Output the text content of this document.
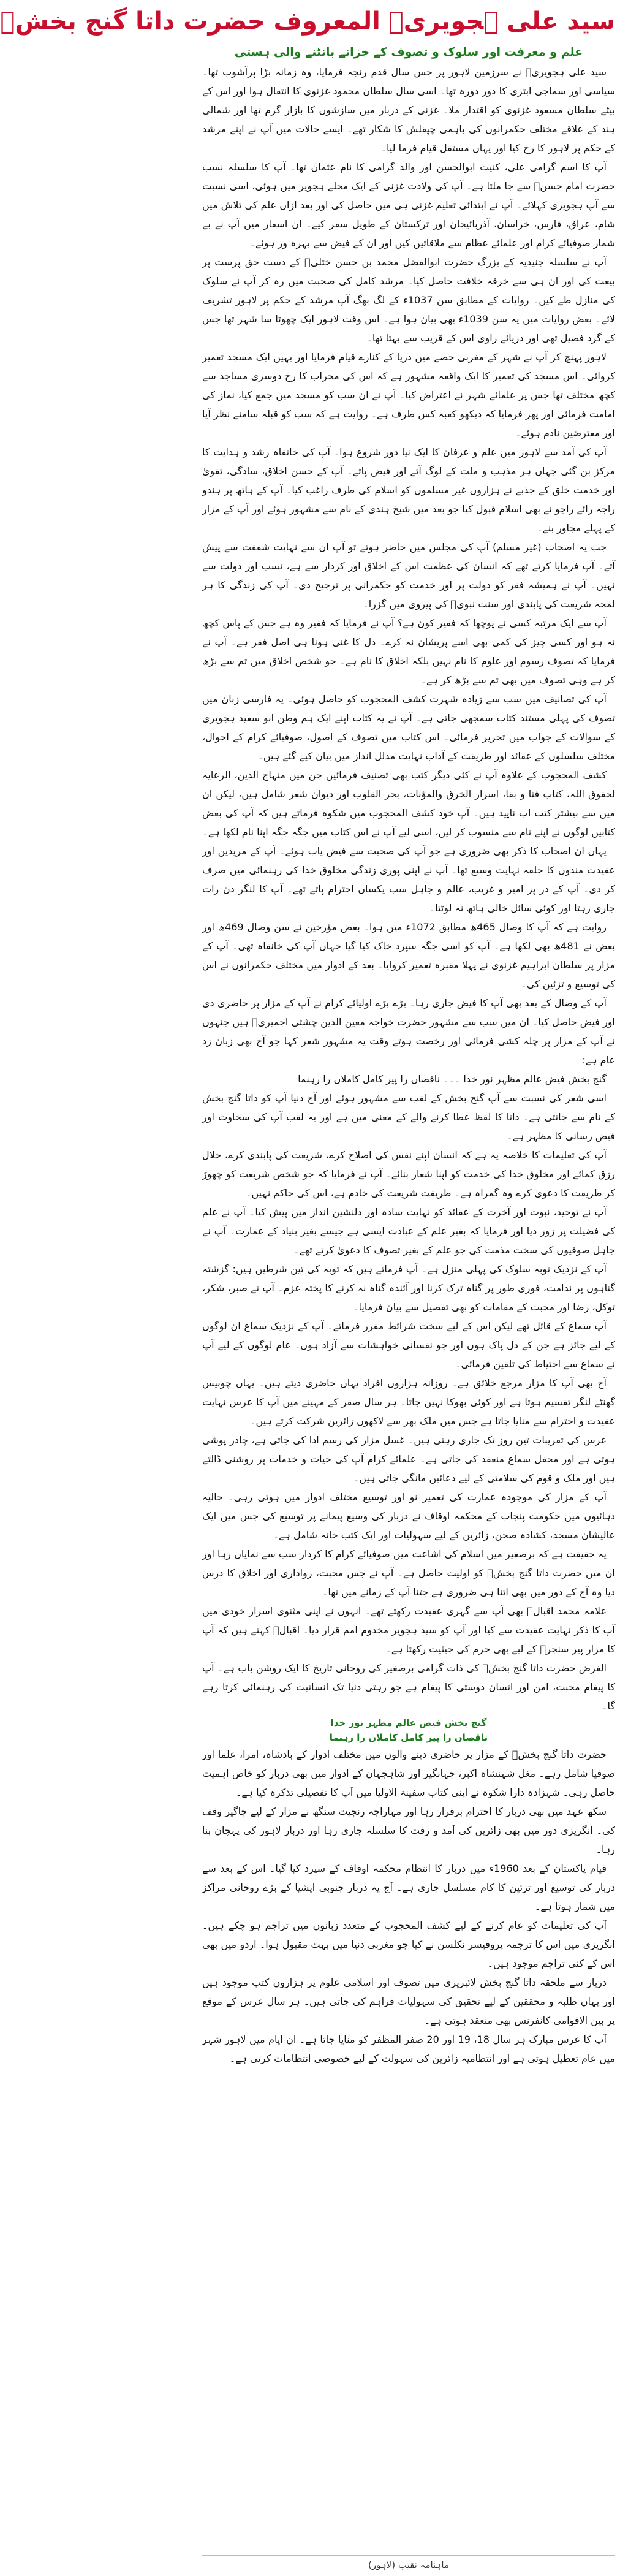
سید علی ہجویریؒ المعروف حضرت داتا گنج بخشؒ
علم و معرفت اور سلوک و تصوف کے خزانے بانٹنے والی ہستی

سید علی ہجویریؒ نے سرزمین لاہور پر جس سال قدم رنجہ فرمایا، وہ زمانہ بڑا پرآشوب تھا۔ سیاسی اور سماجی ابتری کا دور دورہ تھا۔ اسی سال سلطان محمود غزنوی کا انتقال ہوا اور اس کے بیٹے سلطان مسعود غزنوی کو اقتدار ملا۔ غزنی کے دربار میں سازشوں کا بازار گرم تھا اور شمالی ہند کے علاقے مختلف حکمرانوں کی باہمی چپقلش کا شکار تھے۔ ایسے حالات میں آپ نے اپنے مرشد کے حکم پر لاہور کا رخ کیا اور یہاں مستقل قیام فرما لیا۔

آپ کا اسم گرامی علی، کنیت ابوالحسن اور والد گرامی کا نام عثمان تھا۔ آپ کا سلسلہ نسب حضرت امام حسنؓ سے جا ملتا ہے۔ آپ کی ولادت غزنی کے ایک محلے ہجویر میں ہوئی، اسی نسبت سے آپ ہجویری کہلائے۔ آپ نے ابتدائی تعلیم غزنی ہی میں حاصل کی اور بعد ازاں علم کی تلاش میں شام، عراق، فارس، خراسان، آذربائیجان اور ترکستان کے طویل سفر کیے۔ ان اسفار میں آپ نے بے شمار صوفیائے کرام اور علمائے عظام سے ملاقاتیں کیں اور ان کے فیض سے بہرہ ور ہوئے۔

آپ نے سلسلہ جنیدیہ کے بزرگ حضرت ابوالفضل محمد بن حسن ختلیؒ کے دست حق پرست پر بیعت کی اور ان ہی سے خرقہ خلافت حاصل کیا۔ مرشد کامل کی صحبت میں رہ کر آپ نے سلوک کی منازل طے کیں۔ روایات کے مطابق سن 1037ء کے لگ بھگ آپ مرشد کے حکم پر لاہور تشریف لائے۔ بعض روایات میں یہ سن 1039ء بھی بیان ہوا ہے۔ اس وقت لاہور ایک چھوٹا سا شہر تھا جس کے گرد فصیل تھی اور دریائے راوی اس کے قریب سے بہتا تھا۔

لاہور پہنچ کر آپ نے شہر کے مغربی حصے میں دریا کے کنارے قیام فرمایا اور یہیں ایک مسجد تعمیر کروائی۔ اس مسجد کی تعمیر کا ایک واقعہ مشہور ہے کہ اس کی محراب کا رخ دوسری مساجد سے کچھ مختلف تھا جس پر علمائے شہر نے اعتراض کیا۔ آپ نے ان سب کو مسجد میں جمع کیا، نماز کی امامت فرمائی اور پھر فرمایا کہ دیکھو کعبہ کس طرف ہے۔ روایت ہے کہ سب کو قبلہ سامنے نظر آیا اور معترضین نادم ہوئے۔

آپ کی آمد سے لاہور میں علم و عرفان کا ایک نیا دور شروع ہوا۔ آپ کی خانقاہ رشد و ہدایت کا مرکز بن گئی جہاں ہر مذہب و ملت کے لوگ آتے اور فیض پاتے۔ آپ کے حسن اخلاق، سادگی، تقویٰ اور خدمت خلق کے جذبے نے ہزاروں غیر مسلموں کو اسلام کی طرف راغب کیا۔ آپ کے ہاتھ پر ہندو راجہ رائے راجو نے بھی اسلام قبول کیا جو بعد میں شیخ ہندی کے نام سے مشہور ہوئے اور آپ کے مزار کے پہلے مجاور بنے۔

جب یہ اصحاب (غیر مسلم) آپ کی مجلس میں حاضر ہوتے تو آپ ان سے نہایت شفقت سے پیش آتے۔ آپ فرمایا کرتے تھے کہ انسان کی عظمت اس کے اخلاق اور کردار سے ہے، نسب اور دولت سے نہیں۔ آپ نے ہمیشہ فقر کو دولت پر اور خدمت کو حکمرانی پر ترجیح دی۔ آپ کی زندگی کا ہر لمحہ شریعت کی پابندی اور سنت نبویؐ کی پیروی میں گزرا۔

آپ سے ایک مرتبہ کسی نے پوچھا کہ فقیر کون ہے؟ آپ نے فرمایا کہ فقیر وہ ہے جس کے پاس کچھ نہ ہو اور کسی چیز کی کمی بھی اسے پریشان نہ کرے۔ دل کا غنی ہونا ہی اصل فقر ہے۔ آپ نے فرمایا کہ تصوف رسوم اور علوم کا نام نہیں بلکہ اخلاق کا نام ہے۔ جو شخص اخلاق میں تم سے بڑھ کر ہے وہی تصوف میں بھی تم سے بڑھ کر ہے۔

آپ کی تصانیف میں سب سے زیادہ شہرت کشف المحجوب کو حاصل ہوئی۔ یہ فارسی زبان میں تصوف کی پہلی مستند کتاب سمجھی جاتی ہے۔ آپ نے یہ کتاب اپنے ایک ہم وطن ابو سعید ہجویری کے سوالات کے جواب میں تحریر فرمائی۔ اس کتاب میں تصوف کے اصول، صوفیائے کرام کے احوال، مختلف سلسلوں کے عقائد اور طریقت کے آداب نہایت مدلل انداز میں بیان کیے گئے ہیں۔

کشف المحجوب کے علاوہ آپ نے کئی دیگر کتب بھی تصنیف فرمائیں جن میں منہاج الدین، الرعایہ لحقوق اللہ، کتاب فنا و بقا، اسرار الخرق والمؤنات، بحر القلوب اور دیوان شعر شامل ہیں، لیکن ان میں سے بیشتر کتب اب ناپید ہیں۔ آپ خود کشف المحجوب میں شکوہ فرماتے ہیں کہ آپ کی بعض کتابیں لوگوں نے اپنے نام سے منسوب کر لیں، اسی لیے آپ نے اس کتاب میں جگہ جگہ اپنا نام لکھا ہے۔

یہاں ان اصحاب کا ذکر بھی ضروری ہے جو آپ کی صحبت سے فیض یاب ہوئے۔ آپ کے مریدین اور عقیدت مندوں کا حلقہ نہایت وسیع تھا۔ آپ نے اپنی پوری زندگی مخلوق خدا کی رہنمائی میں صرف کر دی۔ آپ کے در پر امیر و غریب، عالم و جاہل سب یکساں احترام پاتے تھے۔ آپ کا لنگر دن رات جاری رہتا اور کوئی سائل خالی ہاتھ نہ لوٹتا۔

روایت ہے کہ آپ کا وصال 465ھ مطابق 1072ء میں ہوا۔ بعض مؤرخین نے سن وصال 469ھ اور بعض نے 481ھ بھی لکھا ہے۔ آپ کو اسی جگہ سپرد خاک کیا گیا جہاں آپ کی خانقاہ تھی۔ آپ کے مزار پر سلطان ابراہیم غزنوی نے پہلا مقبرہ تعمیر کروایا۔ بعد کے ادوار میں مختلف حکمرانوں نے اس کی توسیع و تزئین کی۔

آپ کے وصال کے بعد بھی آپ کا فیض جاری رہا۔ بڑے بڑے اولیائے کرام نے آپ کے مزار پر حاضری دی اور فیض حاصل کیا۔ ان میں سب سے مشہور حضرت خواجہ معین الدین چشتی اجمیریؒ ہیں جنہوں نے آپ کے مزار پر چلہ کشی فرمائی اور رخصت ہوتے وقت یہ مشہور شعر کہا جو آج بھی زبان زد عام ہے:

گنج بخش فیض عالم مظہر نور خدا ۔۔۔ ناقصاں را پیر کامل کاملاں را رہنما

اسی شعر کی نسبت سے آپ گنج بخش کے لقب سے مشہور ہوئے اور آج دنیا آپ کو داتا گنج بخش کے نام سے جانتی ہے۔ داتا کا لفظ عطا کرنے والے کے معنی میں ہے اور یہ لقب آپ کی سخاوت اور فیض رسانی کا مظہر ہے۔

آپ کی تعلیمات کا خلاصہ یہ ہے کہ انسان اپنے نفس کی اصلاح کرے، شریعت کی پابندی کرے، حلال رزق کمائے اور مخلوق خدا کی خدمت کو اپنا شعار بنائے۔ آپ نے فرمایا کہ جو شخص شریعت کو چھوڑ کر طریقت کا دعویٰ کرے وہ گمراہ ہے۔ طریقت شریعت کی خادم ہے، اس کی حاکم نہیں۔

آپ نے توحید، نبوت اور آخرت کے عقائد کو نہایت سادہ اور دلنشین انداز میں پیش کیا۔ آپ نے علم کی فضیلت پر زور دیا اور فرمایا کہ بغیر علم کے عبادت ایسی ہے جیسے بغیر بنیاد کے عمارت۔ آپ نے جاہل صوفیوں کی سخت مذمت کی جو علم کے بغیر تصوف کا دعویٰ کرتے تھے۔

آپ کے نزدیک توبہ سلوک کی پہلی منزل ہے۔ آپ فرماتے ہیں کہ توبہ کی تین شرطیں ہیں: گزشتہ گناہوں پر ندامت، فوری طور پر گناہ ترک کرنا اور آئندہ گناہ نہ کرنے کا پختہ عزم۔ آپ نے صبر، شکر، توکل، رضا اور محبت کے مقامات کو بھی تفصیل سے بیان فرمایا۔

آپ سماع کے قائل تھے لیکن اس کے لیے سخت شرائط مقرر فرماتے۔ آپ کے نزدیک سماع ان لوگوں کے لیے جائز ہے جن کے دل پاک ہوں اور جو نفسانی خواہشات سے آزاد ہوں۔ عام لوگوں کے لیے آپ نے سماع سے احتیاط کی تلقین فرمائی۔

آج بھی آپ کا مزار مرجع خلائق ہے۔ روزانہ ہزاروں افراد یہاں حاضری دیتے ہیں۔ یہاں چوبیس گھنٹے لنگر تقسیم ہوتا ہے اور کوئی بھوکا نہیں جاتا۔ ہر سال صفر کے مہینے میں آپ کا عرس نہایت عقیدت و احترام سے منایا جاتا ہے جس میں ملک بھر سے لاکھوں زائرین شرکت کرتے ہیں۔

عرس کی تقریبات تین روز تک جاری رہتی ہیں۔ غسل مزار کی رسم ادا کی جاتی ہے، چادر پوشی ہوتی ہے اور محفل سماع منعقد کی جاتی ہے۔ علمائے کرام آپ کی حیات و خدمات پر روشنی ڈالتے ہیں اور ملک و قوم کی سلامتی کے لیے دعائیں مانگی جاتی ہیں۔

آپ کے مزار کی موجودہ عمارت کی تعمیر نو اور توسیع مختلف ادوار میں ہوتی رہی۔ حالیہ دہائیوں میں حکومت پنجاب کے محکمہ اوقاف نے دربار کی وسیع پیمانے پر توسیع کی جس میں ایک عالیشان مسجد، کشادہ صحن، زائرین کے لیے سہولیات اور ایک کتب خانہ شامل ہے۔

یہ حقیقت ہے کہ برصغیر میں اسلام کی اشاعت میں صوفیائے کرام کا کردار سب سے نمایاں رہا اور ان میں حضرت داتا گنج بخشؒ کو اولیت حاصل ہے۔ آپ نے جس محبت، رواداری اور اخلاق کا درس دیا وہ آج کے دور میں بھی اتنا ہی ضروری ہے جتنا آپ کے زمانے میں تھا۔

علامہ محمد اقبالؒ بھی آپ سے گہری عقیدت رکھتے تھے۔ انہوں نے اپنی مثنوی اسرار خودی میں آپ کا ذکر نہایت عقیدت سے کیا اور آپ کو سید ہجویر مخدوم امم قرار دیا۔ اقبالؒ کہتے ہیں کہ آپ کا مزار پیر سنجرؒ کے لیے بھی حرم کی حیثیت رکھتا ہے۔

الغرض حضرت داتا گنج بخشؒ کی ذات گرامی برصغیر کی روحانی تاریخ کا ایک روشن باب ہے۔ آپ کا پیغام محبت، امن اور انسان دوستی کا پیغام ہے جو رہتی دنیا تک انسانیت کی رہنمائی کرتا رہے گا۔

گنج بخش فیض عالم مظہر نور خدا
ناقصاں را پیر کامل کاملاں را رہنما

حضرت داتا گنج بخشؒ کے مزار پر حاضری دینے والوں میں مختلف ادوار کے بادشاہ، امرا، علما اور صوفیا شامل رہے۔ مغل شہنشاہ اکبر، جہانگیر اور شاہجہان کے ادوار میں بھی دربار کو خاص اہمیت حاصل رہی۔ شہزادہ دارا شکوہ نے اپنی کتاب سفینۃ الاولیا میں آپ کا تفصیلی تذکرہ کیا ہے۔

سکھ عہد میں بھی دربار کا احترام برقرار رہا اور مہاراجہ رنجیت سنگھ نے مزار کے لیے جاگیر وقف کی۔ انگریزی دور میں بھی زائرین کی آمد و رفت کا سلسلہ جاری رہا اور دربار لاہور کی پہچان بنا رہا۔

قیام پاکستان کے بعد 1960ء میں دربار کا انتظام محکمہ اوقاف کے سپرد کیا گیا۔ اس کے بعد سے دربار کی توسیع اور تزئین کا کام مسلسل جاری ہے۔ آج یہ دربار جنوبی ایشیا کے بڑے روحانی مراکز میں شمار ہوتا ہے۔

آپ کی تعلیمات کو عام کرنے کے لیے کشف المحجوب کے متعدد زبانوں میں تراجم ہو چکے ہیں۔ انگریزی میں اس کا ترجمہ پروفیسر نکلسن نے کیا جو مغربی دنیا میں بہت مقبول ہوا۔ اردو میں بھی اس کے کئی تراجم موجود ہیں۔

دربار سے ملحقہ داتا گنج بخش لائبریری میں تصوف اور اسلامی علوم پر ہزاروں کتب موجود ہیں اور یہاں طلبہ و محققین کے لیے تحقیق کی سہولیات فراہم کی جاتی ہیں۔ ہر سال عرس کے موقع پر بین الاقوامی کانفرنس بھی منعقد ہوتی ہے۔

آپ کا عرس مبارک ہر سال 18، 19 اور 20 صفر المظفر کو منایا جاتا ہے۔ ان ایام میں لاہور شہر میں عام تعطیل ہوتی ہے اور انتظامیہ زائرین کی سہولت کے لیے خصوصی انتظامات کرتی ہے۔

ماہنامہ نقیب (لاہور)
